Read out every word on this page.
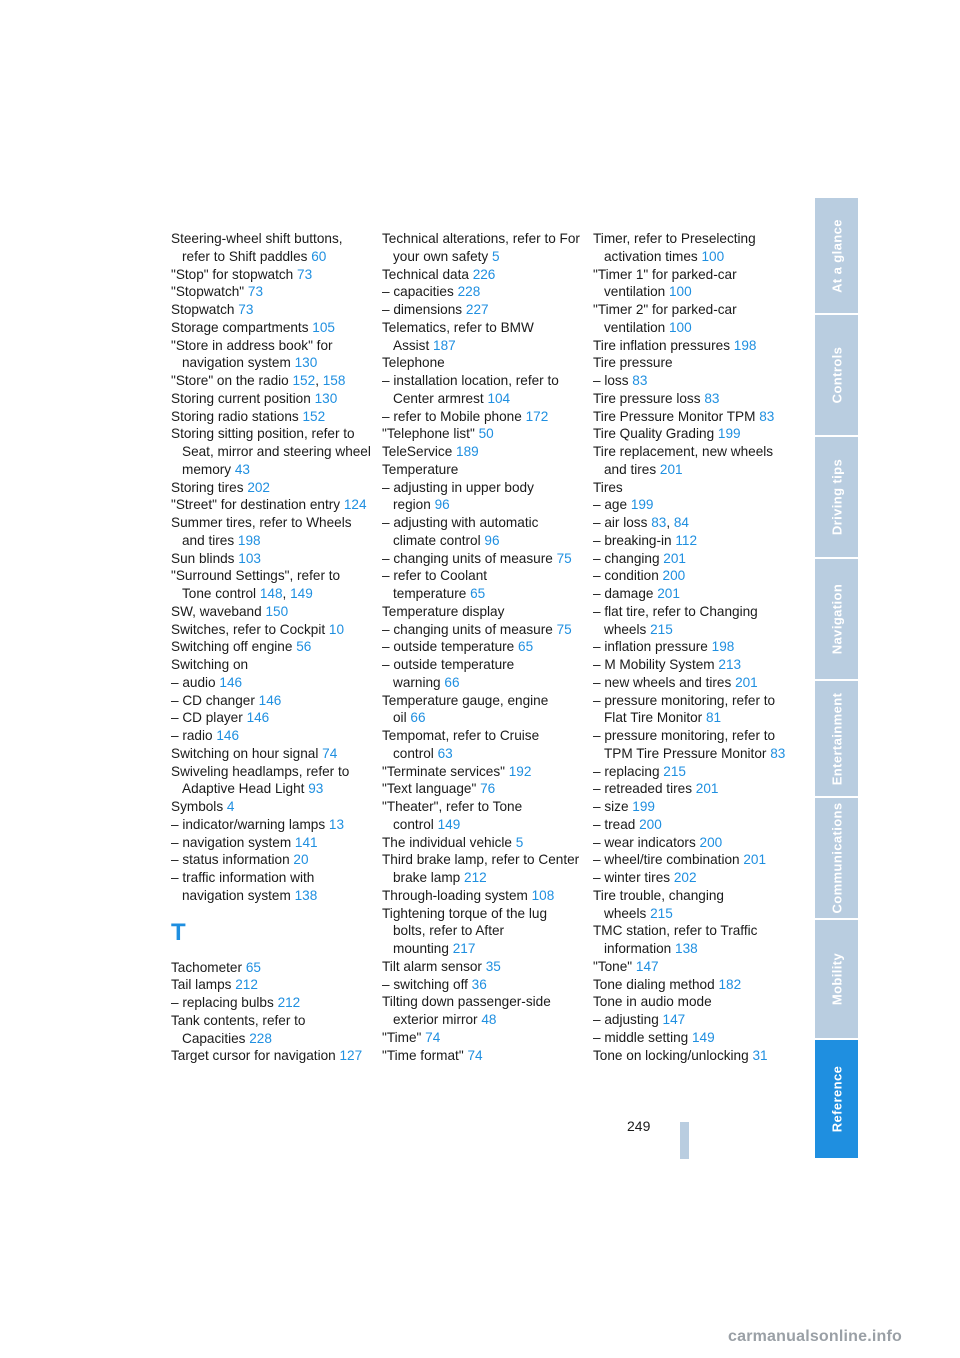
Steering-wheel shift buttons, refer to Shift paddles 60
"Stop" for stopwatch 73
"Stopwatch" 73
Stopwatch 73
Storage compartments 105
"Store in address book" for navigation system 130
"Store" on the radio 152, 158
Storing current position 130
Storing radio stations 152
Storing sitting position, refer to Seat, mirror and steering wheel memory 43
Storing tires 202
"Street" for destination entry 124
Summer tires, refer to Wheels and tires 198
Sun blinds 103
"Surround Settings", refer to Tone control 148, 149
SW, waveband 150
Switches, refer to Cockpit 10
Switching off engine 56
Switching on
– audio 146
– CD changer 146
– CD player 146
– radio 146
Switching on hour signal 74
Swiveling headlamps, refer to Adaptive Head Light 93
Symbols 4
– indicator/warning lamps 13
– navigation system 141
– status information 20
– traffic information with navigation system 138
T
Tachometer 65
Tail lamps 212
– replacing bulbs 212
Tank contents, refer to Capacities 228
Target cursor for navigation 127
Technical alterations, refer to For your own safety 5
Technical data 226
– capacities 228
– dimensions 227
Telematics, refer to BMW Assist 187
Telephone
– installation location, refer to Center armrest 104
– refer to Mobile phone 172
"Telephone list" 50
TeleService 189
Temperature
– adjusting in upper body region 96
– adjusting with automatic climate control 96
– changing units of measure 75
– refer to Coolant temperature 65
Temperature display
– changing units of measure 75
– outside temperature 65
– outside temperature warning 66
Temperature gauge, engine oil 66
Tempomat, refer to Cruise control 63
"Terminate services" 192
"Text language" 76
"Theater", refer to Tone control 149
The individual vehicle 5
Third brake lamp, refer to Center brake lamp 212
Through-loading system 108
Tightening torque of the lug bolts, refer to After mounting 217
Tilt alarm sensor 35
– switching off 36
Tilting down passenger-side exterior mirror 48
"Time" 74
"Time format" 74
Timer, refer to Preselecting activation times 100
"Timer 1" for parked-car ventilation 100
"Timer 2" for parked-car ventilation 100
Tire inflation pressures 198
Tire pressure
– loss 83
Tire pressure loss 83
Tire Pressure Monitor TPM 83
Tire Quality Grading 199
Tire replacement, new wheels and tires 201
Tires
– age 199
– air loss 83, 84
– breaking-in 112
– changing 201
– condition 200
– damage 201
– flat tire, refer to Changing wheels 215
– inflation pressure 198
– M Mobility System 213
– new wheels and tires 201
– pressure monitoring, refer to Flat Tire Monitor 81
– pressure monitoring, refer to TPM Tire Pressure Monitor 83
– replacing 215
– retreaded tires 201
– size 199
– tread 200
– wear indicators 200
– wheel/tire combination 201
– winter tires 202
Tire trouble, changing wheels 215
TMC station, refer to Traffic information 138
"Tone" 147
Tone dialing method 182
Tone in audio mode
– adjusting 147
– middle setting 149
Tone on locking/unlocking 31
At a glance
Controls
Driving tips
Navigation
Entertainment
Communications
Mobility
Reference
249
carmanualsonline.info
